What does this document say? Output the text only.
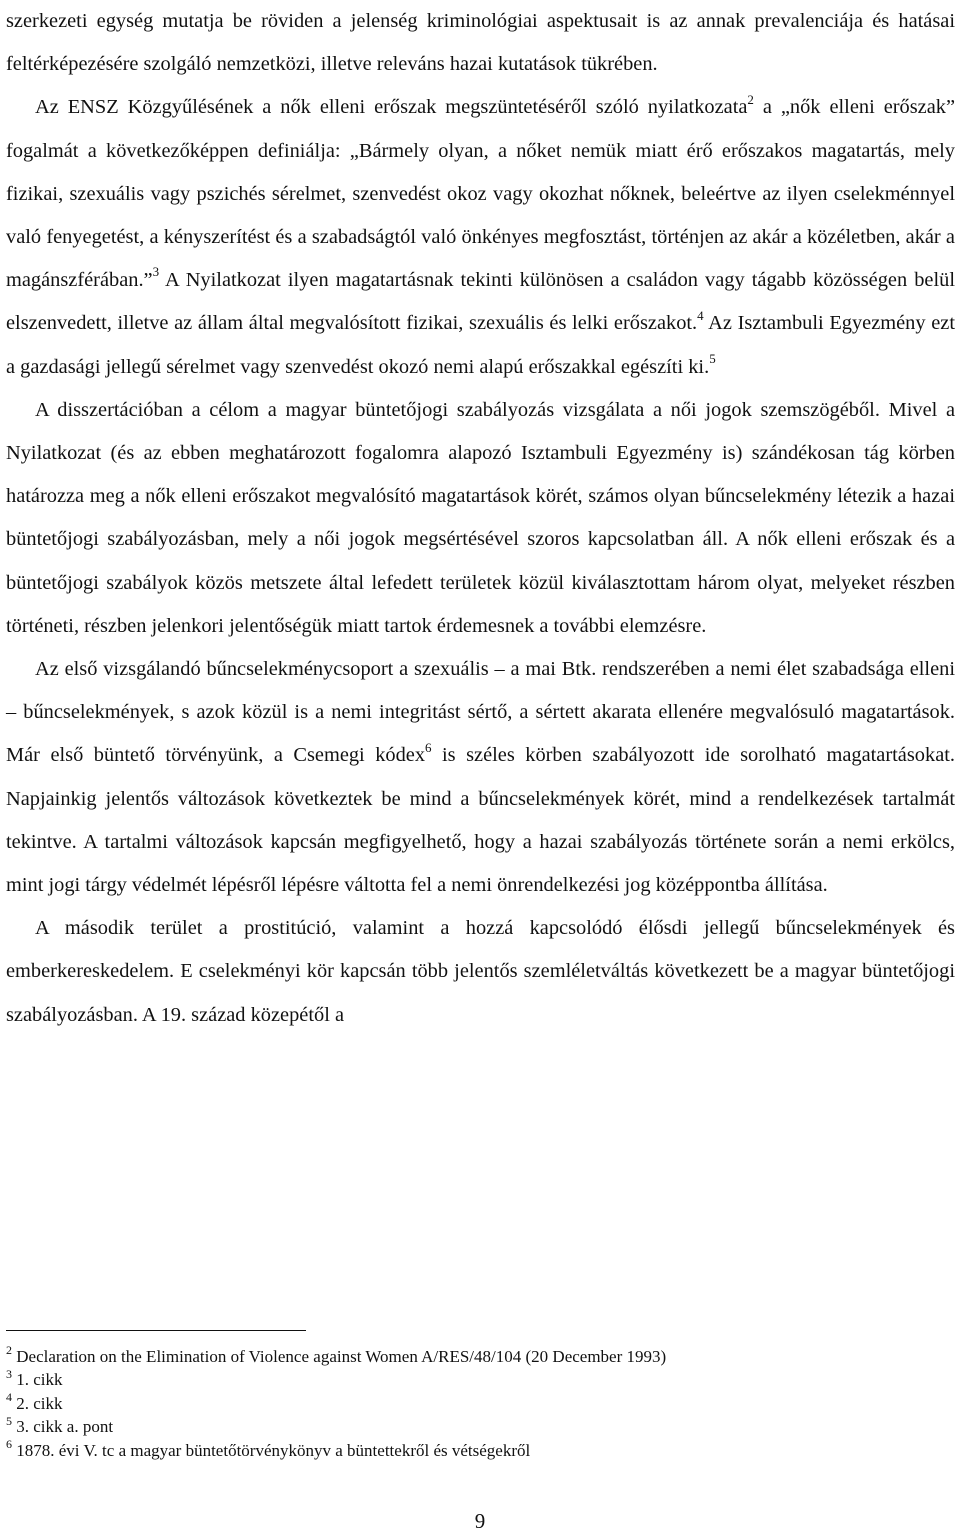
szerkezeti egység mutatja be röviden a jelenség kriminológiai aspektusait is az annak prevalenciája és hatásai feltérképezésére szolgáló nemzetközi, illetve releváns hazai kutatások tükrében.

Az ENSZ Közgyűlésének a nők elleni erőszak megszüntetéséről szóló nyilatkozata$^2$ a „nők elleni erőszak” fogalmát a következőképpen definiálja: „Bármely olyan, a nőket nemük miatt érő erőszakos magatartás, mely fizikai, szexuális vagy pszichés sérelmet, szenvedést okoz vagy okozhat nőknek, beleértve az ilyen cselekménnyel való fenyegetést, a kényszerítést és a szabadságtól való önkényes megfosztást, történjen az akár a közéletben, akár a magánszférában.”$^3$ A Nyilatkozat ilyen magatartásnak tekinti különösen a családon vagy tágabb közösségen belül elszenvedett, illetve az állam által megvalósított fizikai, szexuális és lelki erőszakot.$^4$ Az Isztambuli Egyezmény ezt a gazdasági jellegű sérelmet vagy szenvedést okozó nemi alapú erőszakkal egészíti ki.$^5$

A disszertációban a célom a magyar büntetőjogi szabályozás vizsgálata a női jogok szemszögéből. Mivel a Nyilatkozat (és az ebben meghatározott fogalomra alapozó Isztambuli Egyezmény is) szándékosan tág körben határozza meg a nők elleni erőszakot megvalósító magatartások körét, számos olyan bűncselekmény létezik a hazai büntetőjogi szabályozásban, mely a női jogok megsértésével szoros kapcsolatban áll. A nők elleni erőszak és a büntetőjogi szabályok közös metszete által lefedett területek közül kiválasztottam három olyat, melyeket részben történeti, részben jelenkori jelentőségük miatt tartok érdemesnek a további elemzésre.

Az első vizsgálandó bűncselekménycsoport a szexuális – a mai Btk. rendszerében a nemi élet szabadsága elleni – bűncselekmények, s azok közül is a nemi integritást sértő, a sértett akarata ellenére megvalósuló magatartások. Már első büntető törvényünk, a Csemegi kódex$^6$ is széles körben szabályozott ide sorolható magatartásokat. Napjainkig jelentős változások következtek be mind a bűncselekmények körét, mind a rendelkezések tartalmát tekintve. A tartalmi változások kapcsán megfigyelhető, hogy a hazai szabályozás története során a nemi erkölcs, mint jogi tárgy védelmét lépésről lépésre váltotta fel a nemi önrendelkezési jog középpontba állítása.

A második terület a prostitúció, valamint a hozzá kapcsolódó élősdi jellegű bűncselekmények és emberkereskedelem. E cselekményi kör kapcsán több jelentős szemléletváltás következett be a magyar büntetőjogi szabályozásban. A 19. század közepétől a

$^2$ Declaration on the Elimination of Violence against Women A/RES/48/104 (20 December 1993)
$^3$ 1. cikk
$^4$ 2. cikk
$^5$ 3. cikk a. pont
$^6$ 1878. évi V. tc a magyar büntetőtörvénykönyv a büntettekről és vétségekről
9
